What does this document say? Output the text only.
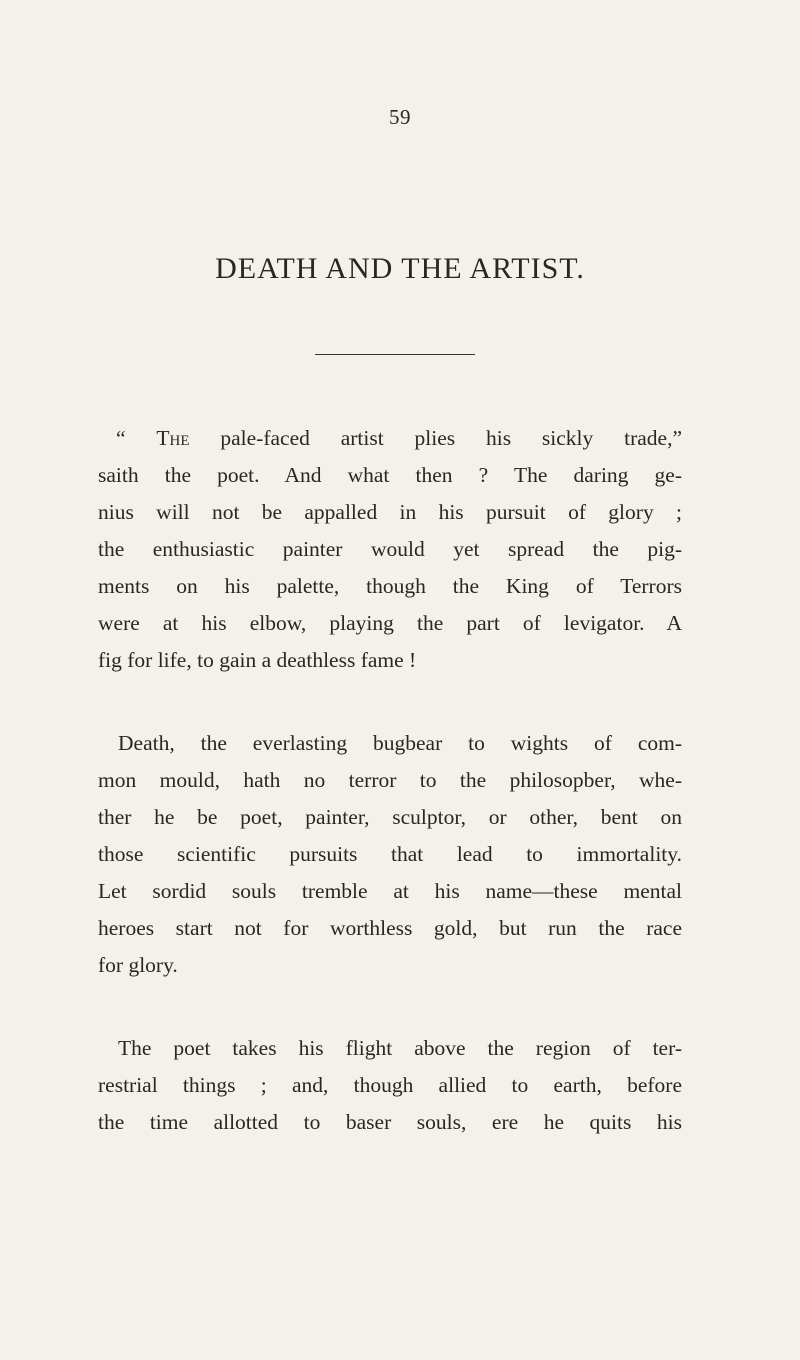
59
DEATH AND THE ARTIST.
“ The pale-faced artist plies his sickly trade,”
saith the poet. And what then ? The daring ge-
nius will not be appalled in his pursuit of glory ;
the enthusiastic painter would yet spread the pig-
ments on his palette, though the King of Terrors
were at his elbow, playing the part of levigator. A
fig for life, to gain a deathless fame !
Death, the everlasting bugbear to wights of com-
mon mould, hath no terror to the philosopber, whe-
ther he be poet, painter, sculptor, or other, bent on
those scientific pursuits that lead to immortality.
Let sordid souls tremble at his name—these mental
heroes start not for worthless gold, but run the race
for glory.
The poet takes his flight above the region of ter-
restrial things ; and, though allied to earth, before
the time allotted to baser souls, ere he quits his
